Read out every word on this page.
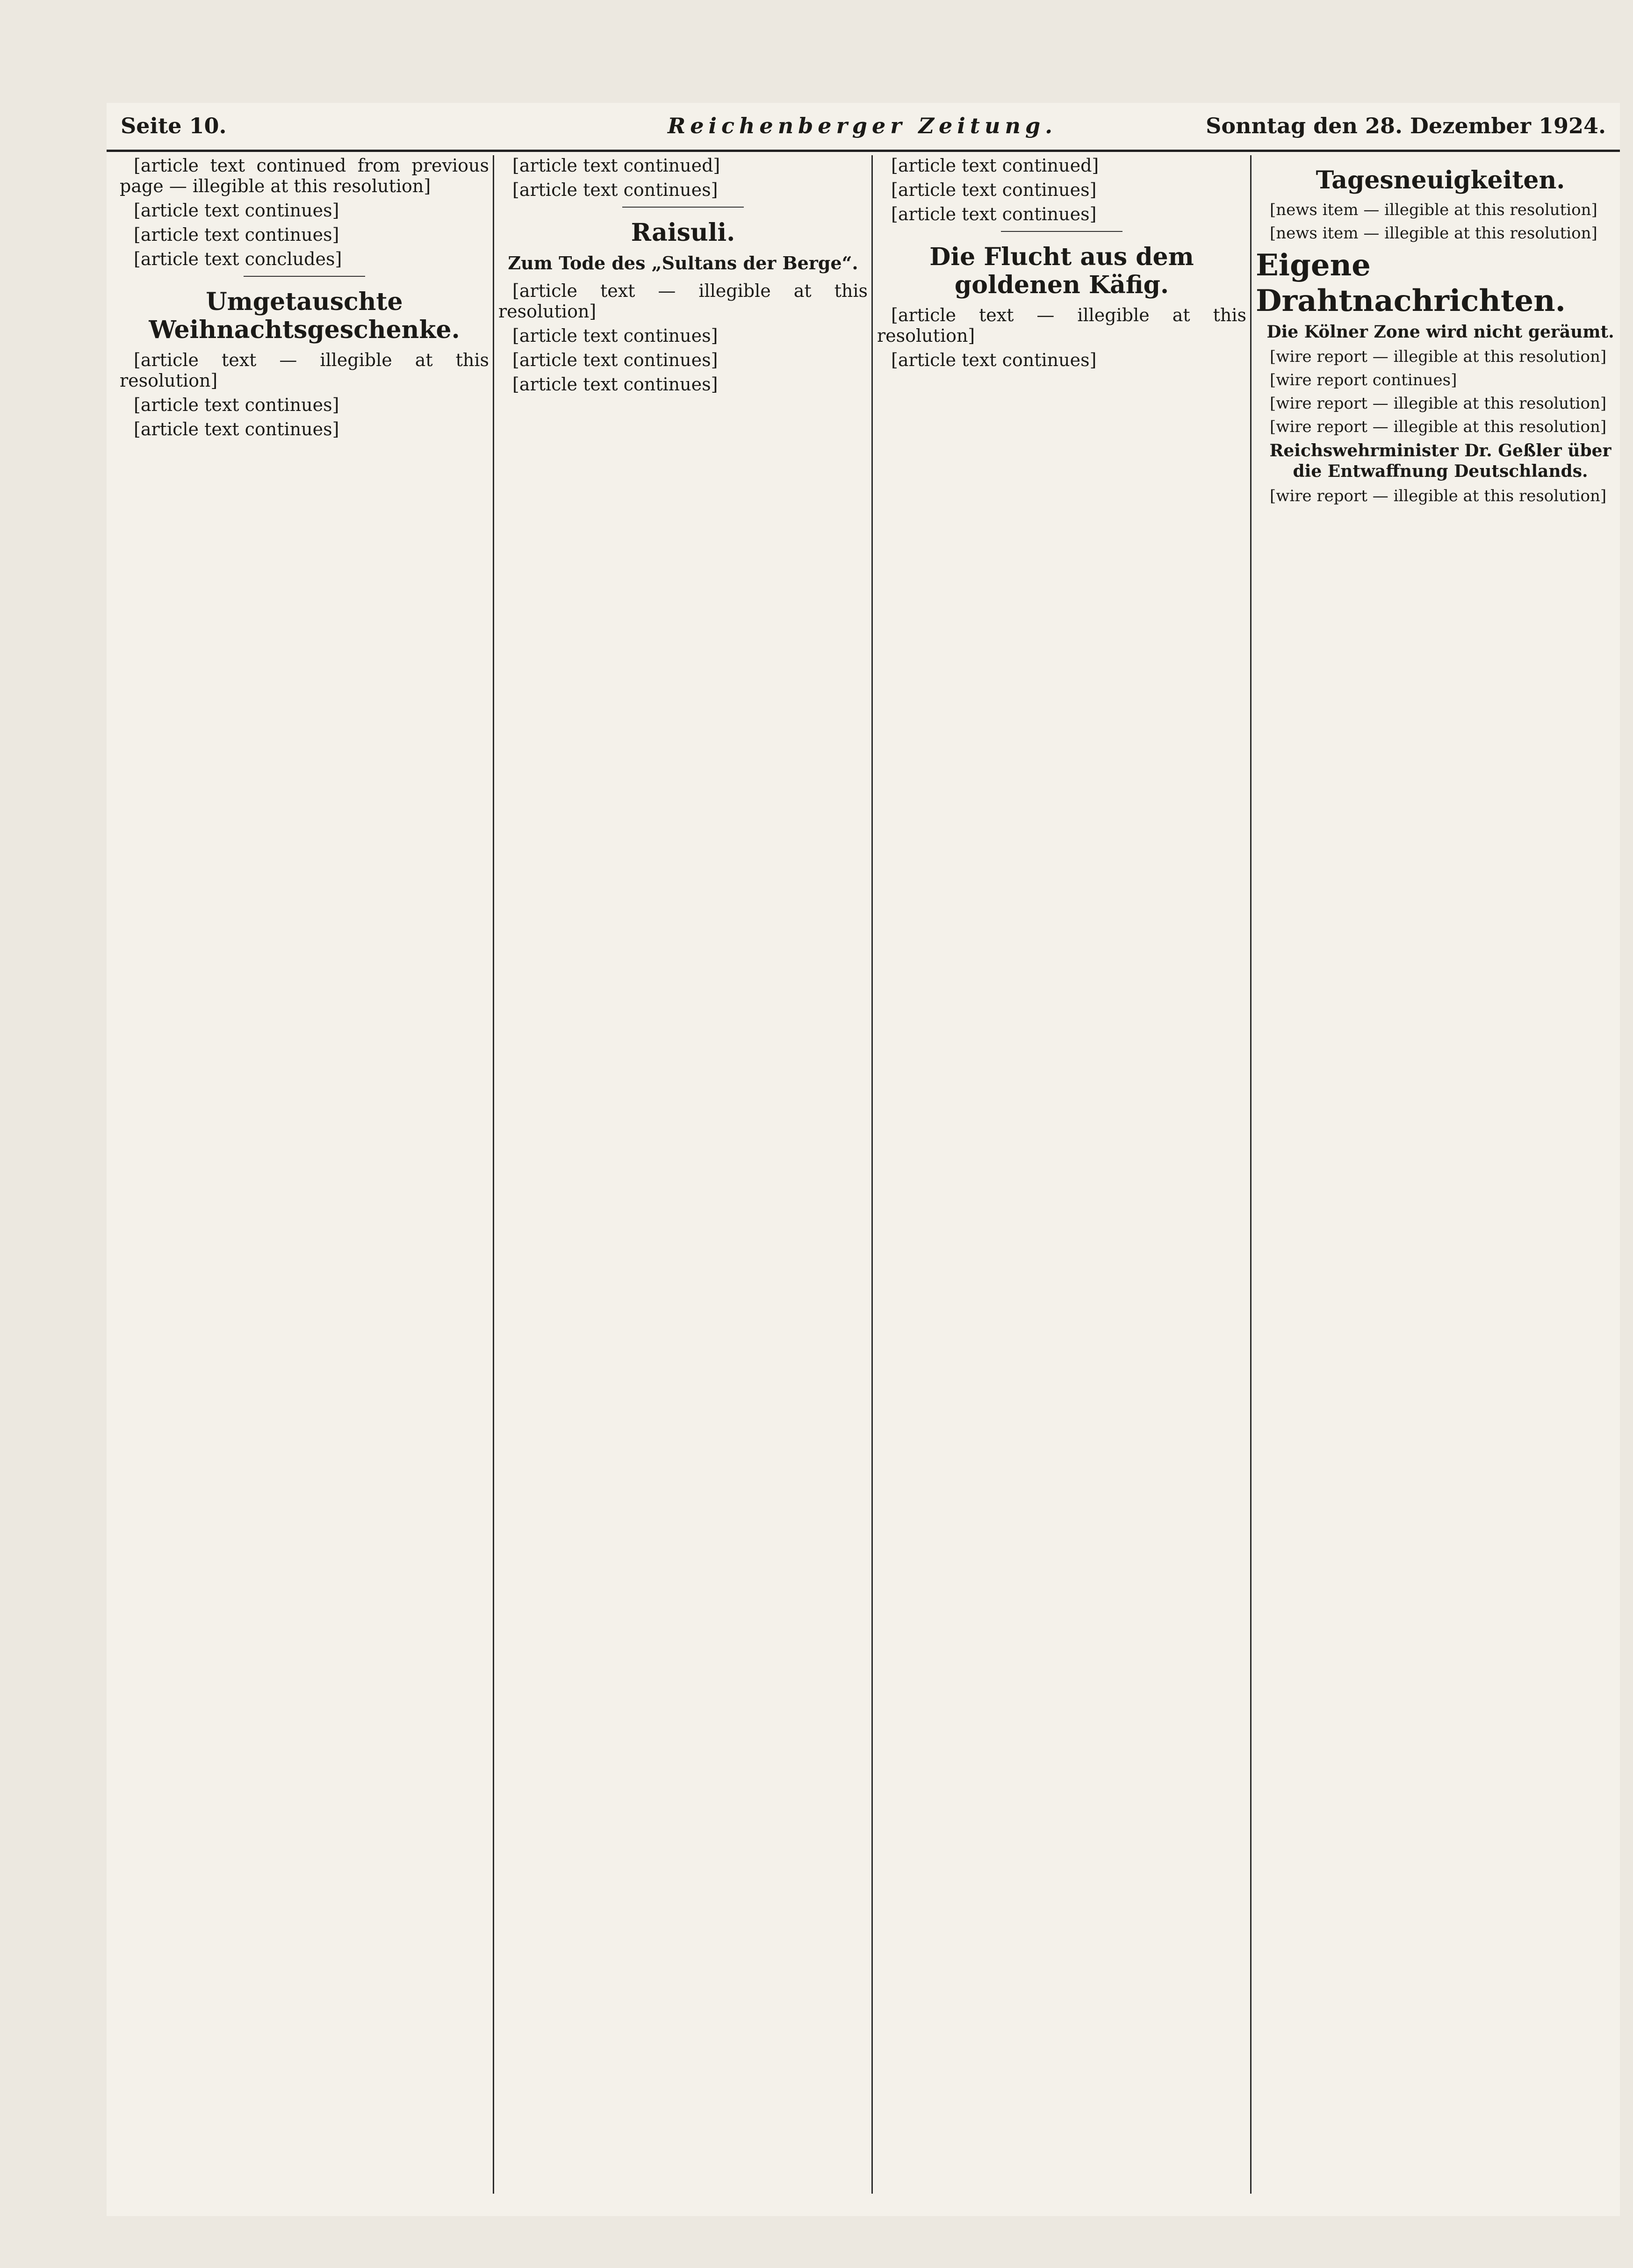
Seite 10.	Reichenberger Zeitung.	Sonntag den 28. Dezember 1924.

[article text continued from previous page — illegible at this resolution]

[article text continues]

[article text continues]

[article text concludes]

Umgetauschte Weihnachtsgeschenke.

[article text — illegible at this resolution]

[article text continues]

[article text continues]

[article text continued]

[article text continues]

Raisuli.
Zum Tode des „Sultans der Berge“.

[article text — illegible at this resolution]

[article text continues]

[article text continues]

[article text continues]

[article text continued]

[article text continues]

[article text continues]

Die Flucht aus dem goldenen Käfig.

[article text — illegible at this resolution]

[article text continues]

Tagesneuigkeiten.

[news item — illegible at this resolution]

[news item — illegible at this resolution]

Eigene Drahtnachrichten.
Die Kölner Zone wird nicht geräumt.

[wire report — illegible at this resolution]

[wire report continues]

[wire report — illegible at this resolution]

[wire report — illegible at this resolution]

Reichswehrminister Dr. Geßler über die Entwaffnung Deutschlands.

[wire report — illegible at this resolution]
